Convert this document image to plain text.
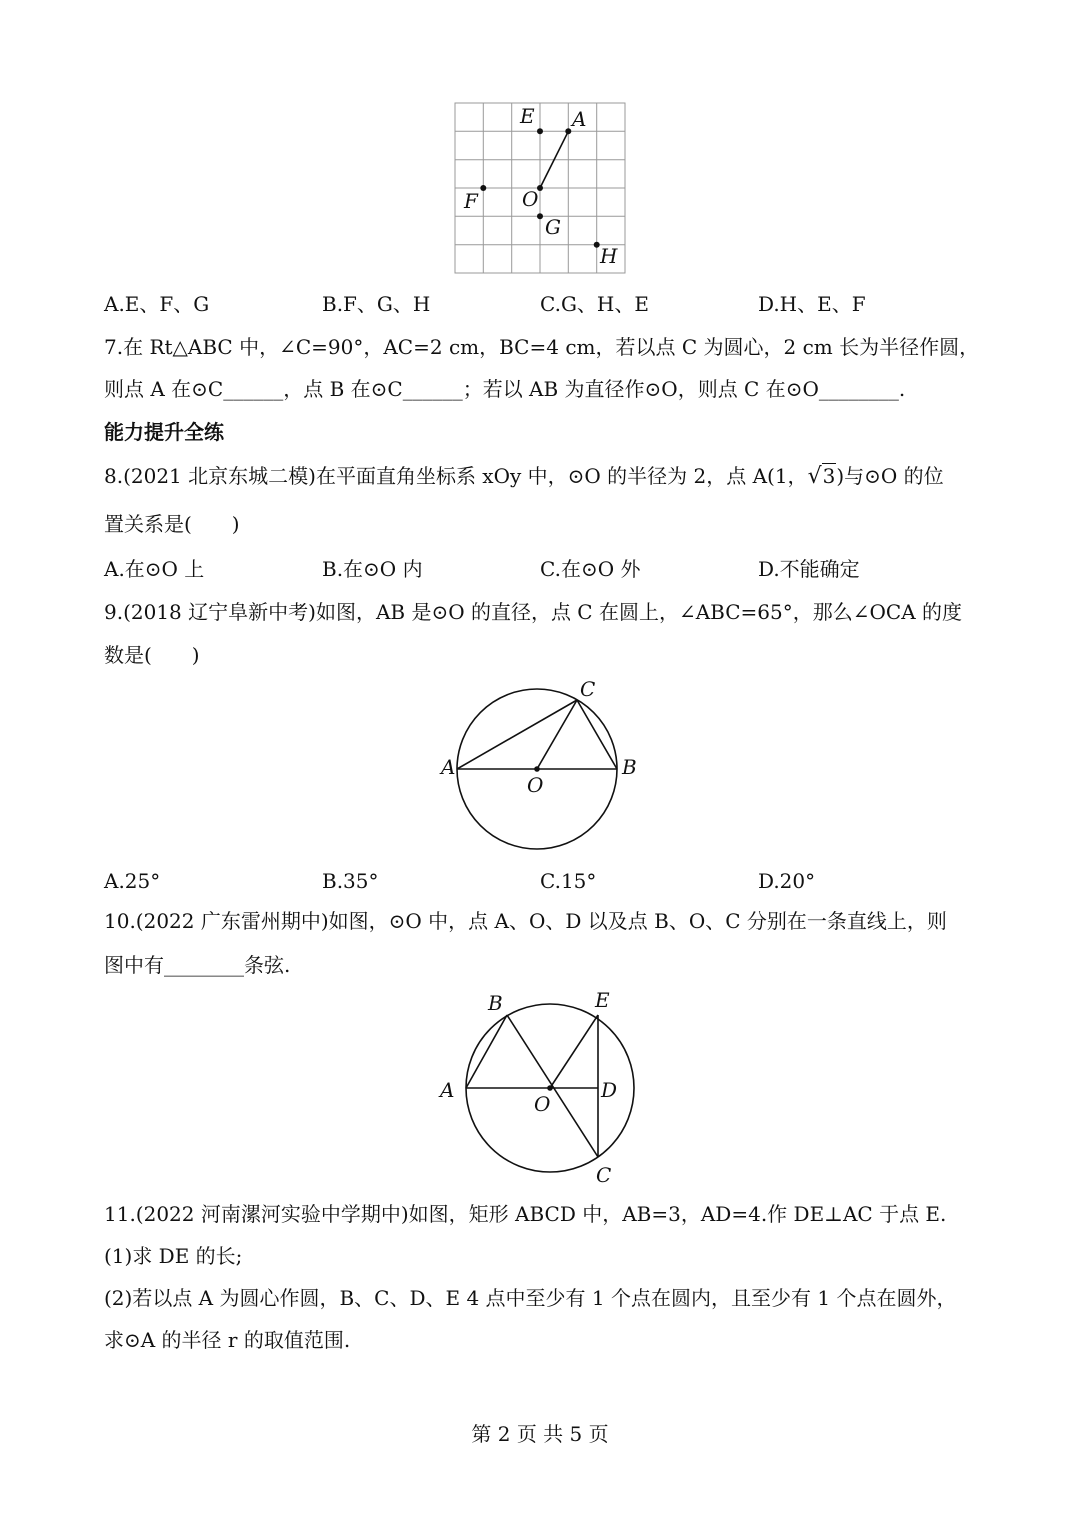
E A
F O
G
H
A.E、F、G	B.F、G、H	C.G、H、E	D.H、E、F
7.在 Rt△ABC 中，∠C=90°，AC=2 cm，BC=4 cm，若以点 C 为圆心，2 cm 长为半径作圆，
则点 A 在⊙C______，点 B 在⊙C______；若以 AB 为直径作⊙O，则点 C 在⊙O________.
能力提升全练
8.(2021 北京东城二模)在平面直角坐标系 xOy 中，⊙O 的半径为 2，点 A(1，√3)与⊙O 的位
置关系是(　　)
A.在⊙O 上	B.在⊙O 内	C.在⊙O 外	D.不能确定
9.(2018 辽宁阜新中考)如图，AB 是⊙O 的直径，点 C 在圆上，∠ABC=65°，那么∠OCA 的度
数是(　　)
A	B
C
O
A.25°	B.35°	C.15°	D.20°
10.(2022 广东雷州期中)如图，⊙O 中，点 A、O、D 以及点 B、O、C 分别在一条直线上，则
图中有________条弦.
A
B	E
D
C
O
11.(2022 河南漯河实验中学期中)如图，矩形 ABCD 中，AB=3，AD=4.作 DE⊥AC 于点 E.
(1)求 DE 的长;
(2)若以点 A 为圆心作圆，B、C、D、E 4 点中至少有 1 个点在圆内，且至少有 1 个点在圆外，
求⊙A 的半径 r 的取值范围.
第 2 页 共 5 页
